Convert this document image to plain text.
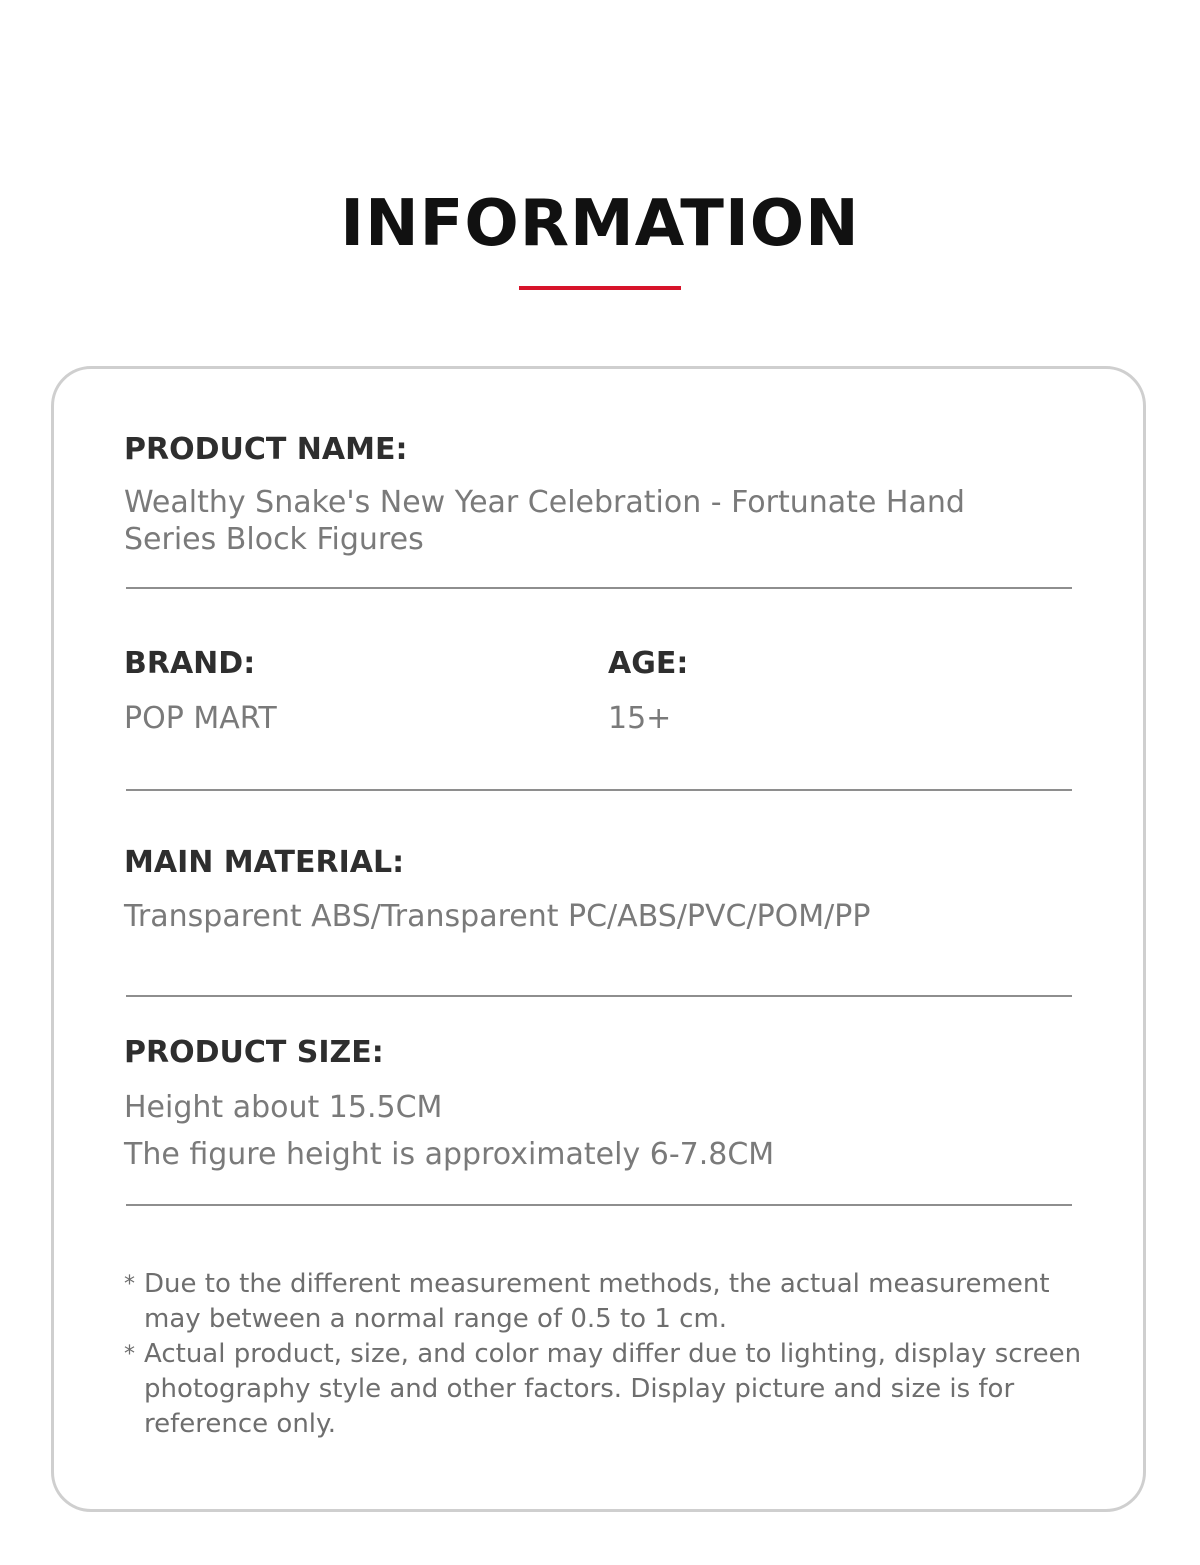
INFORMATION
PRODUCT NAME:
Wealthy Snake's New Year Celebration - Fortunate Hand
Series Block Figures
BRAND:
POP MART
AGE:
15+
MAIN MATERIAL:
Transparent ABS/Transparent PC/ABS/PVC/POM/PP
PRODUCT SIZE:
Height about 15.5CM
The figure height is approximately 6-7.8CM
* Due to the different measurement methods, the actual measurement may between a normal range of 0.5 to 1 cm.
* Actual product, size, and color may differ due to lighting, display screen photography style and other factors. Display picture and size is for reference only.
